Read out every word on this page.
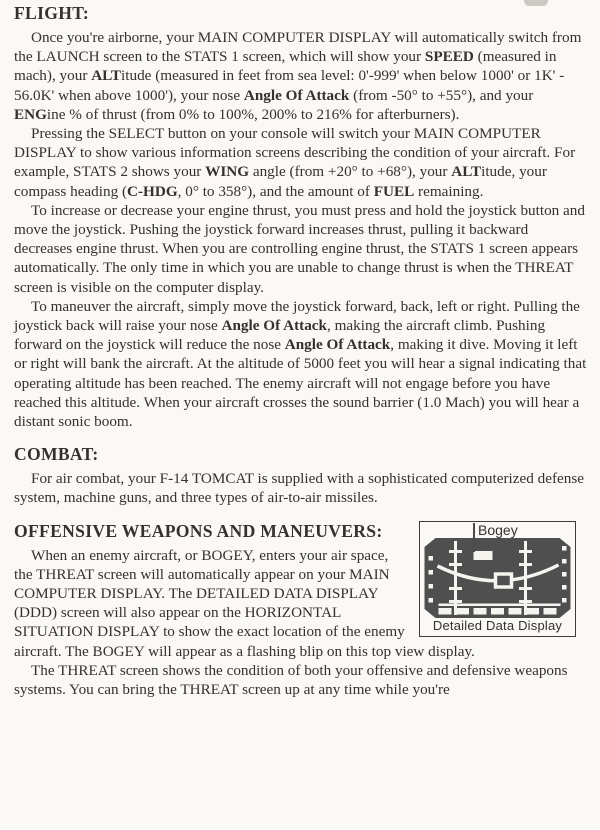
FLIGHT:

Once you're airborne, your MAIN COMPUTER DISPLAY will automatically switch from the LAUNCH screen to the STATS 1 screen, which will show your SPEED (measured in mach), your ALTitude (measured in feet from sea level: 0'-999' when below 1000' or 1K' - 56.0K' when above 1000'), your nose Angle Of Attack (from -50° to +55°), and your ENGine % of thrust (from 0% to 100%, 200% to 216% for afterburners).

Pressing the SELECT button on your console will switch your MAIN COMPUTER DISPLAY to show various information screens describing the condition of your aircraft. For example, STATS 2 shows your WING angle (from +20° to +68°), your ALTitude, your compass heading (C-HDG, 0° to 358°), and the amount of FUEL remaining.

To increase or decrease your engine thrust, you must press and hold the joystick button and move the joystick. Pushing the joystick forward increases thrust, pulling it backward decreases engine thrust. When you are controlling engine thrust, the STATS 1 screen appears automatically. The only time in which you are unable to change thrust is when the THREAT screen is visible on the computer display.

To maneuver the aircraft, simply move the joystick forward, back, left or right. Pulling the joystick back will raise your nose Angle Of Attack, making the aircraft climb. Pushing forward on the joystick will reduce the nose Angle Of Attack, making it dive. Moving it left or right will bank the aircraft. At the altitude of 5000 feet you will hear a signal indicating that operating altitude has been reached. The enemy aircraft will not engage before you have reached this altitude. When your aircraft crosses the sound barrier (1.0 Mach) you will hear a distant sonic boom.

COMBAT:

For air combat, your F-14 TOMCAT is supplied with a sophisticated computerized defense system, machine guns, and three types of air-to-air missiles.

Bogey
Detailed Data Display
OFFENSIVE WEAPONS AND MANEUVERS:

When an enemy aircraft, or BOGEY, enters your air space, the THREAT screen will automatically appear on your MAIN COMPUTER DISPLAY. The DETAILED DATA DISPLAY (DDD) screen will also appear on the HORIZONTAL SITUATION DISPLAY to show the exact location of the enemy aircraft. The BOGEY will appear as a flashing blip on this top view display.

The THREAT screen shows the condition of both your offensive and defensive weapons systems. You can bring the THREAT screen up at any time while you're
